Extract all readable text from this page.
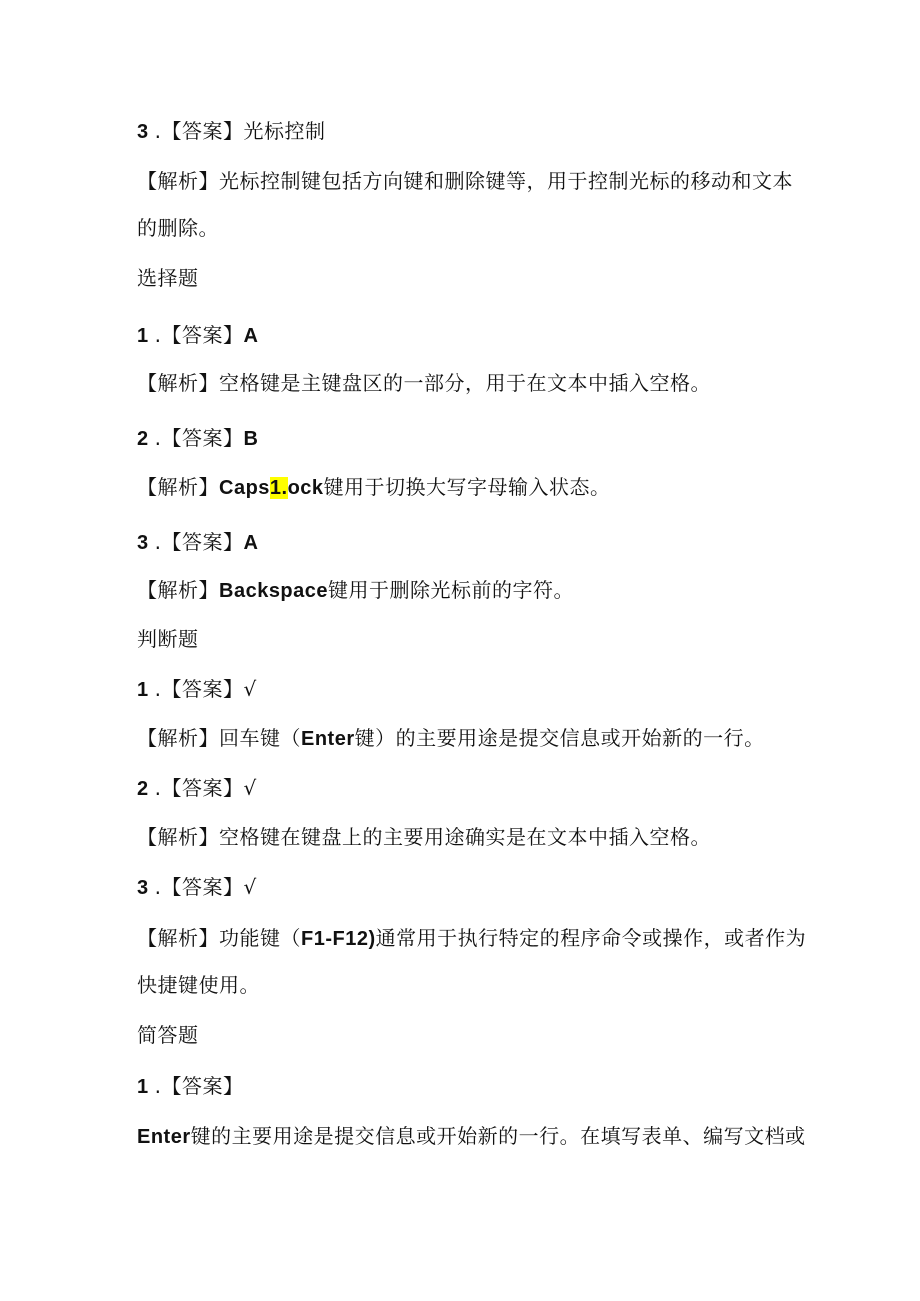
3 .【答案】光标控制
【解析】光标控制键包括方向键和删除键等，用于控制光标的移动和文本
的删除。
选择题
1 .【答案】A
【解析】空格键是主键盘区的一部分，用于在文本中插入空格。
2 .【答案】B
【解析】Caps1.ock键用于切换大写字母输入状态。
3 .【答案】A
【解析】Backspace键用于删除光标前的字符。
判断题
1 .【答案】√
【解析】回车键（Enter键）的主要用途是提交信息或开始新的一行。
2 .【答案】√
【解析】空格键在键盘上的主要用途确实是在文本中插入空格。
3 .【答案】√
【解析】功能键（F1-F12)通常用于执行特定的程序命令或操作，或者作为
快捷键使用。
简答题
1 .【答案】
Enter键的主要用途是提交信息或开始新的一行。在填写表单、编写文档或
